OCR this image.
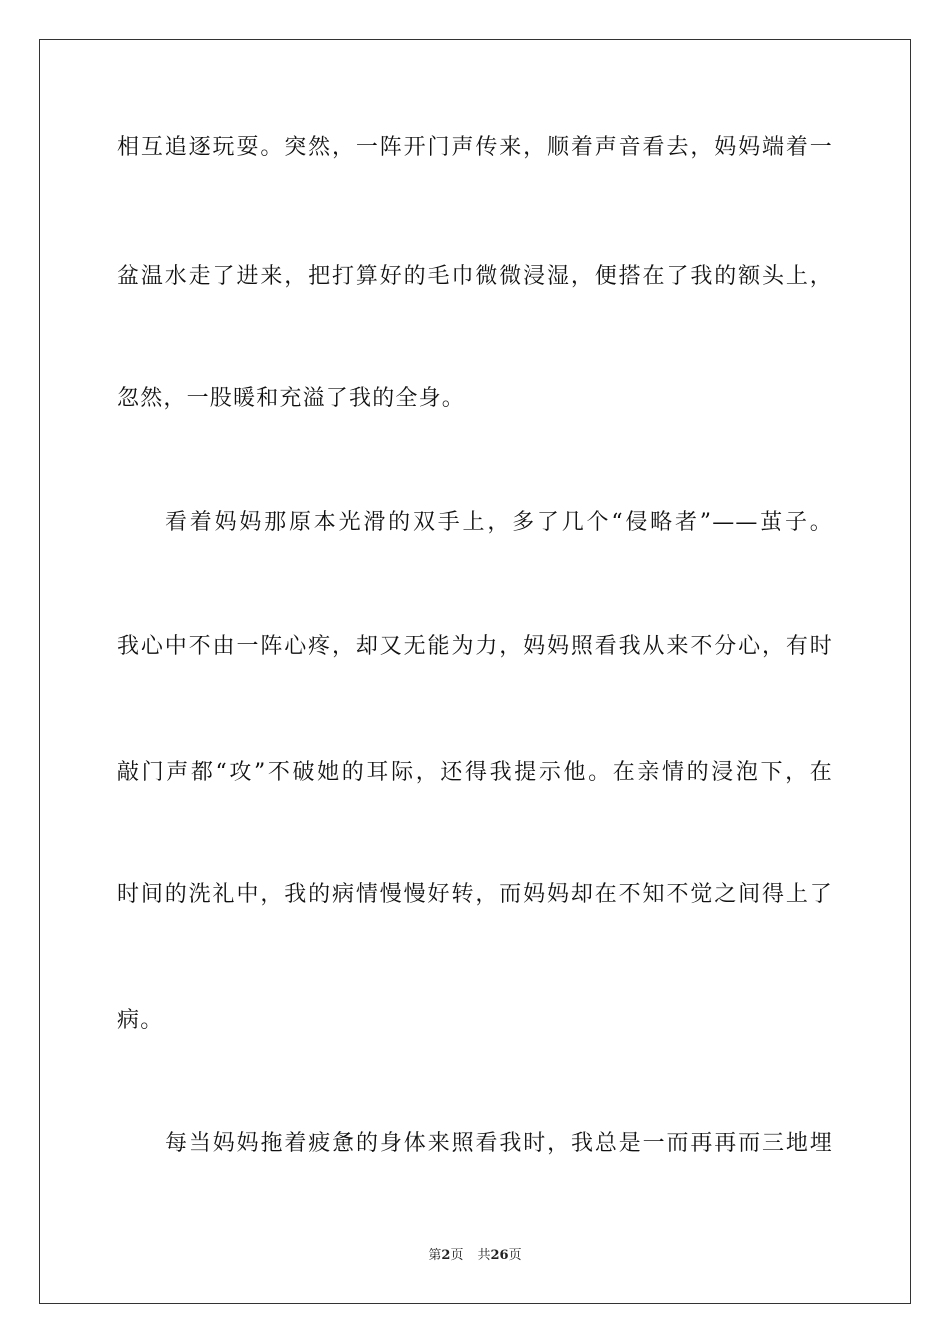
相互追逐玩耍。突然，一阵开门声传来，顺着声音看去，妈妈端着一
盆温水走了进来，把打算好的毛巾微微浸湿，便搭在了我的额头上，
忽然，一股暖和充溢了我的全身。
看着妈妈那原本光滑的双手上，多了几个“侵略者”——茧子。
我心中不由一阵心疼，却又无能为力，妈妈照看我从来不分心，有时
敲门声都“攻”不破她的耳际，还得我提示他。在亲情的浸泡下，在
时间的洗礼中，我的病情慢慢好转，而妈妈却在不知不觉之间得上了
病。
每当妈妈拖着疲惫的身体来照看我时，我总是一而再再而三地埋
第2页 共26页
